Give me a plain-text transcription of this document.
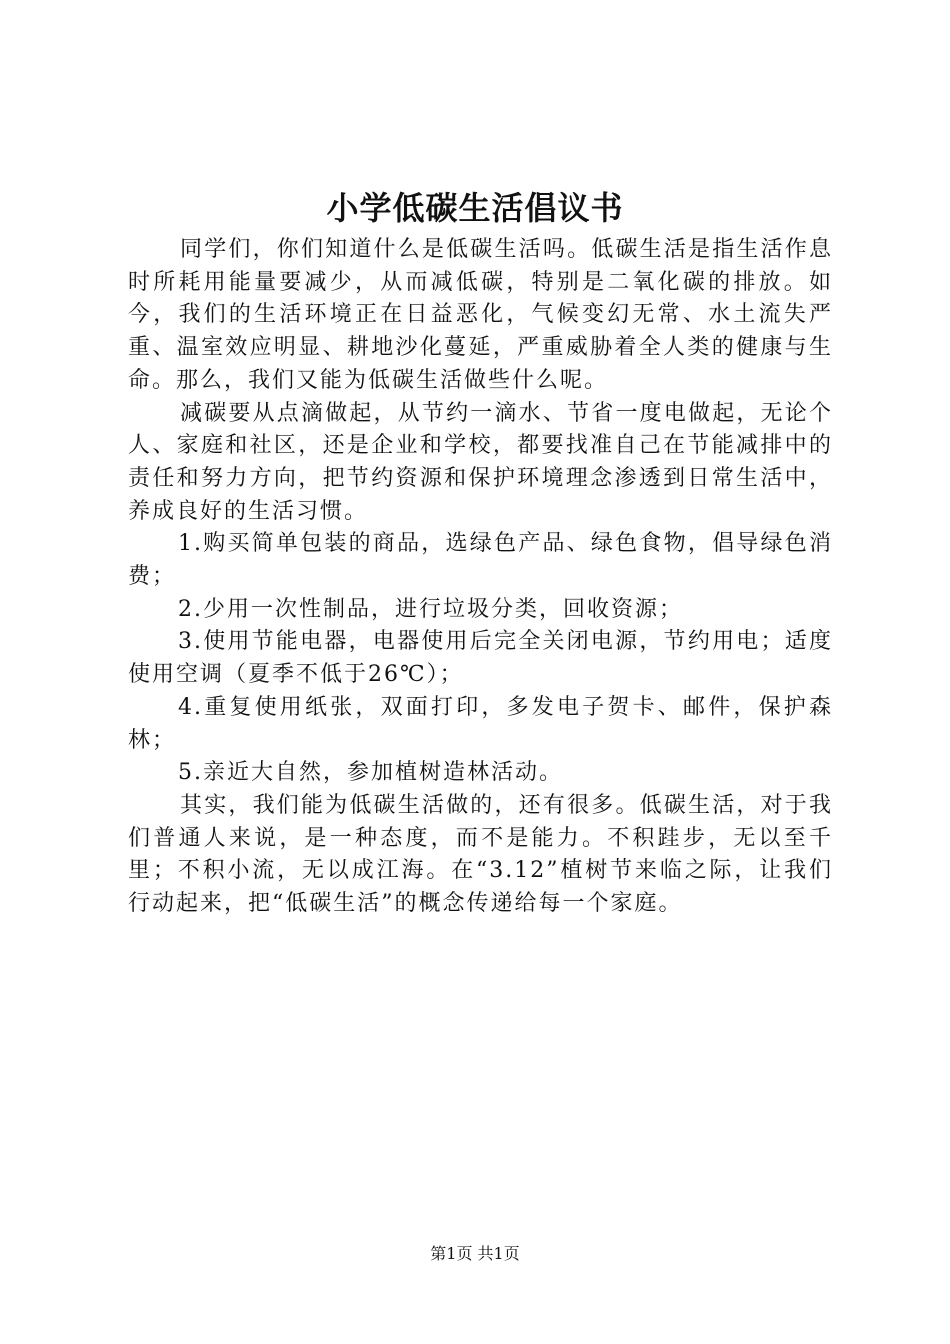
小学低碳生活倡议书

同学们，你们知道什么是低碳生活吗。低碳生活是指生活作息时所耗用能量要减少，从而减低碳，特别是二氧化碳的排放。如今，我们的生活环境正在日益恶化，气候变幻无常、水土流失严重、温室效应明显、耕地沙化蔓延，严重威胁着全人类的健康与生命。那么，我们又能为低碳生活做些什么呢。

减碳要从点滴做起，从节约一滴水、节省一度电做起，无论个人、家庭和社区，还是企业和学校，都要找准自己在节能减排中的责任和努力方向，把节约资源和保护环境理念渗透到日常生活中，养成良好的生活习惯。

1.购买简单包装的商品，选绿色产品、绿色食物，倡导绿色消费；

2.少用一次性制品，进行垃圾分类，回收资源；

3.使用节能电器，电器使用后完全关闭电源，节约用电；适度使用空调（夏季不低于26℃）；

4.重复使用纸张，双面打印，多发电子贺卡、邮件，保护森林；

5.亲近大自然，参加植树造林活动。

其实，我们能为低碳生活做的，还有很多。低碳生活，对于我们普通人来说，是一种态度，而不是能力。不积跬步，无以至千里；不积小流，无以成江海。在“3.12”植树节来临之际，让我们行动起来，把“低碳生活”的概念传递给每一个家庭。

第1页 共1页
